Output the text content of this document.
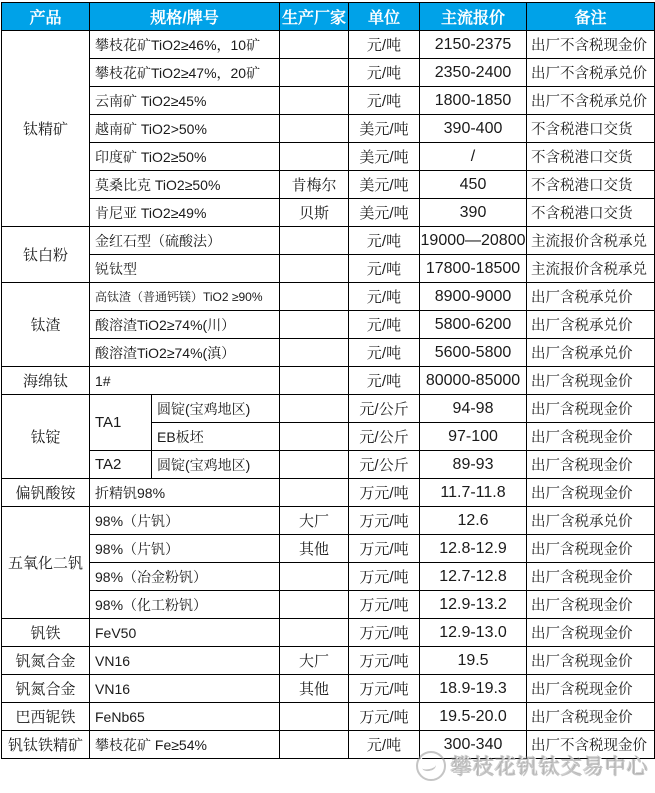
产品	规格/牌号		生产厂家	单位	主流报价	备注
钛精矿	攀枝花矿TiO2≥46%，10矿			元/吨	2150-2375	出厂不含税现金价
	攀枝花矿TiO2≥47%，20矿			元/吨	2350-2400	出厂不含税承兑价
	云南矿 TiO2≥45%			元/吨	1800-1850	出厂不含税承兑价
	越南矿 TiO2>50%			美元/吨	390-400	不含税港口交货
	印度矿 TiO2≥50%			美元/吨	/	不含税港口交货
	莫桑比克 TiO2≥50%		肯梅尔	美元/吨	450	不含税港口交货
	肯尼亚 TiO2≥49%		贝斯	美元/吨	390	不含税港口交货
钛白粉	金红石型（硫酸法）			元/吨	19000—20800	主流报价含税承兑
	锐钛型			元/吨	17800-18500	主流报价含税承兑
钛渣	高钛渣（普通钙镁）TiO2 ≥90%			元/吨	8900-9000	出厂含税承兑价
	酸溶渣TiO2≥74%(川）			元/吨	5800-6200	出厂含税承兑价
	酸溶渣TiO2≥74%(滇）			元/吨	5600-5800	出厂含税承兑价
海绵钛	1#			元/吨	80000-85000	出厂含税现金价
钛锭	TA1	圆锭(宝鸡地区)		元/公斤	94-98	出厂含税现金价
		EB板坯		元/公斤	97-100	出厂含税现金价
	TA2	圆锭(宝鸡地区)		元/公斤	89-93	出厂含税现金价
偏钒酸铵	折精钒98%			万元/吨	11.7-11.8	出厂含税现金价
五氧化二钒	98%（片钒）		大厂	万元/吨	12.6	出厂含税承兑价
	98%（片钒）		其他	万元/吨	12.8-12.9	出厂含税现金价
	98%（冶金粉钒）			万元/吨	12.7-12.8	出厂含税现金价
	98%（化工粉钒）			万元/吨	12.9-13.2	出厂含税现金价
钒铁	FeV50			万元/吨	12.9-13.0	出厂含税现金价
钒氮合金	VN16		大厂	万元/吨	19.5	出厂含税现金价
钒氮合金	VN16		其他	万元/吨	18.9-19.3	出厂含税现金价
巴西铌铁	FeNb65			万元/吨	19.5-20.0	出厂含税现金价
钒钛铁精矿	攀枝花矿 Fe≥54%			元/吨	300-340	出厂不含税现金价
攀枝花钒钛交易中心
